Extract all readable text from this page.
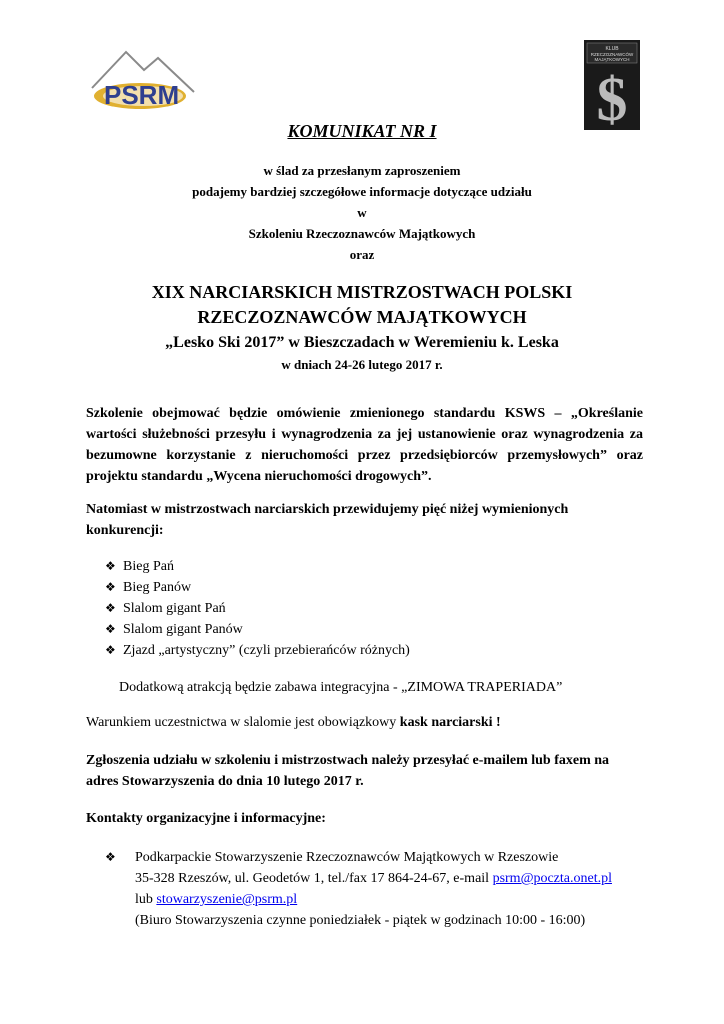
PSRM
KLUB
RZECZOZNAWCÓW
MAJĄTKOWYCH
$
KOMUNIKAT NR I
w ślad za przesłanym zaproszeniem
podajemy bardziej szczegółowe informacje dotyczące udziału
w
Szkoleniu Rzeczoznawców Majątkowych
oraz
XIX NARCIARSKICH MISTRZOSTWACH POLSKI
RZECZOZNAWCÓW MAJĄTKOWYCH
„Lesko Ski 2017” w Bieszczadach w Weremieniu k. Leska
w dniach 24-26 lutego 2017 r.
Szkolenie obejmować będzie omówienie zmienionego standardu KSWS – „Określanie wartości służebności przesyłu i wynagrodzenia za jej ustanowienie oraz wynagrodzenia za bezumowne korzystanie z nieruchomości przez przedsiębiorców przemysłowych” oraz projektu standardu „Wycena nieruchomości drogowych”.
Natomiast w mistrzostwach narciarskich przewidujemy pięć niżej wymienionych konkurencji:
❖ Bieg Pań
❖ Bieg Panów
❖ Slalom gigant Pań
❖ Slalom gigant Panów
❖ Zjazd „artystyczny” (czyli przebierańców różnych)
Dodatkową atrakcją będzie zabawa integracyjna - „ZIMOWA TRAPERIADA”
Warunkiem uczestnictwa w slalomie jest obowiązkowy kask narciarski !
Zgłoszenia udziału w szkoleniu i mistrzostwach należy przesyłać e-mailem lub faxem na adres Stowarzyszenia do dnia 10 lutego 2017 r.
Kontakty organizacyjne i informacyjne:
❖ Podkarpackie Stowarzyszenie Rzeczoznawców Majątkowych w Rzeszowie
35-328 Rzeszów, ul. Geodetów 1, tel./fax 17 864-24-67, e-mail psrm@poczta.onet.pl
lub stowarzyszenie@psrm.pl
(Biuro Stowarzyszenia czynne poniedziałek - piątek w godzinach 10:00 - 16:00)
